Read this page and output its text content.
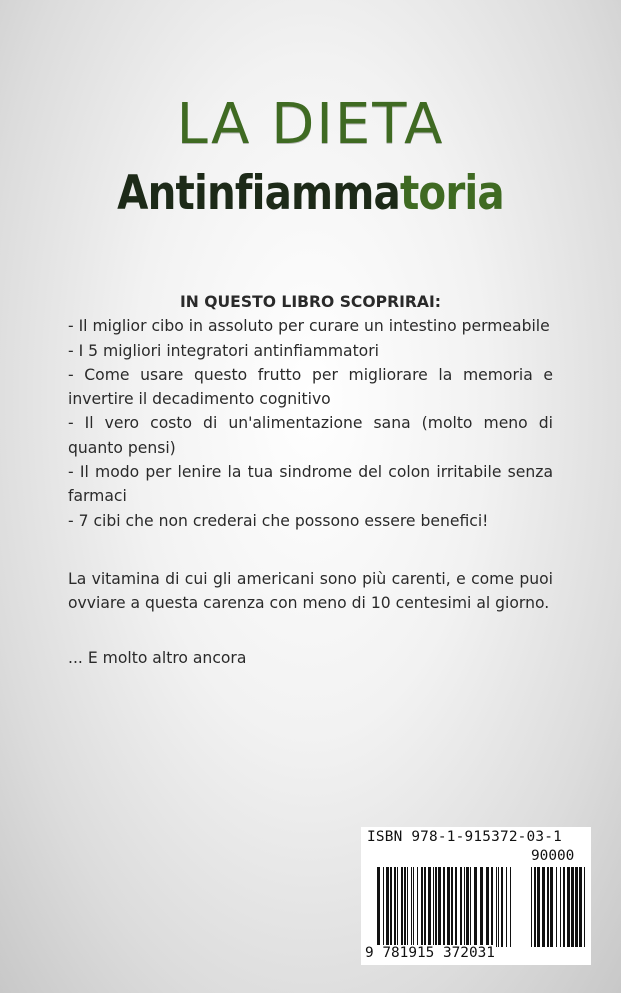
LA DIETA
Antinfiammatoria

IN QUESTO LIBRO SCOPRIRAI:

- Il miglior cibo in assoluto per curare un intestino permeabile
- I 5 migliori integratori antinfiammatori
- Come usare questo frutto per migliorare la memoria e invertire il decadimento cognitivo
- Il vero costo di un'alimentazione sana (molto meno di quanto pensi)
- Il modo per lenire la tua sindrome del colon irritabile senza farmaci
- 7 cibi che non crederai che possono essere benefici!

La vitamina di cui gli americani sono più carenti, e come puoi ovviare a questa carenza con meno di 10 centesimi al giorno.

... E molto altro ancora

ISBN 978-1-915372-03-1
90000
9 781915 372031
